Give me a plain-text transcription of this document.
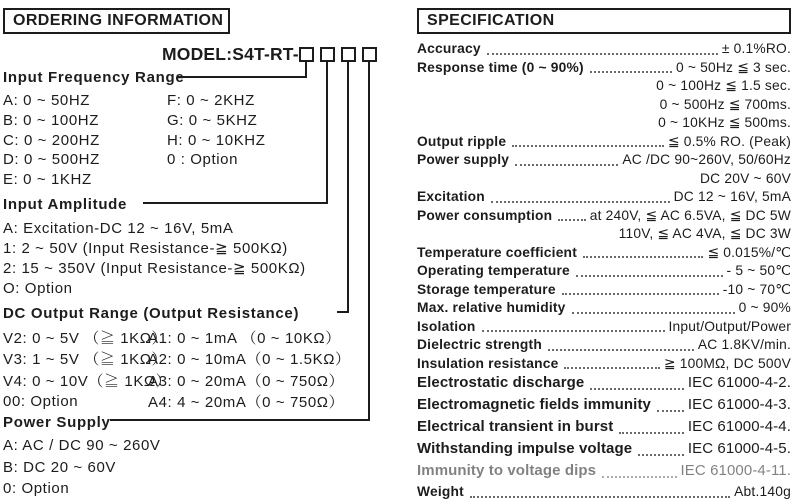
ORDERING INFORMATION
MODEL:S4T-RT-
Input Frequency Range
A: 0 ~ 50HZ	F: 0 ~ 2KHZ
B: 0 ~ 100HZ	G: 0 ~ 5KHZ
C: 0 ~ 200HZ	H: 0 ~ 10KHZ
D: 0 ~ 500HZ	0 : Option
E: 0 ~ 1KHZ
Input Amplitude
A: Excitation-DC 12 ~ 16V, 5mA
1: 2 ~ 50V (Input Resistance-≧ 500KΩ)
2: 15 ~ 350V (Input Resistance-≧ 500KΩ)
O: Option
DC Output Range (Output Resistance)
V2: 0 ~ 5V （≧ 1KΩ）
A1: 0 ~ 1mA （0 ~ 10KΩ）
V3: 1 ~ 5V （≧ 1KΩ）
A2: 0 ~ 10mA（0 ~ 1.5KΩ）
V4: 0 ~ 10V（≧ 1KΩ）
A3: 0 ~ 20mA（0 ~ 750Ω）
00: Option	A4: 4 ~ 20mA（0 ~ 750Ω）
Power Supply
A: AC / DC 90 ~ 260V
B: DC 20 ~ 60V
0: Option
SPECIFICATION
Accuracy	± 0.1%RO.
Response time (0 ~ 90%)	0 ~ 50Hz ≦ 3 sec.
0 ~ 100Hz ≦ 1.5 sec.
0 ~ 500Hz ≦ 700ms.
0 ~ 10KHz ≦ 500ms.
Output ripple	≦ 0.5% RO. (Peak)
Power supply	AC /DC 90~260V, 50/60Hz
DC 20V ~ 60V
Excitation	DC 12 ~ 16V, 5mA
Power consumption	at 240V, ≦ AC 6.5VA, ≦ DC 5W
110V, ≦ AC 4VA, ≦ DC 3W
Temperature coefficient	≦ 0.015%/℃
Operating temperature	- 5 ~ 50℃
Storage temperature	-10 ~ 70℃
Max. relative humidity	0 ~ 90%
Isolation	Input/Output/Power
Dielectric strength	AC 1.8KV/min.
Insulation resistance	≧ 100MΩ, DC 500V
Electrostatic discharge	IEC 61000-4-2.
Electromagnetic fields immunity IEC 61000-4-3.
Electrical transient in burst	IEC 61000-4-4.
Withstanding impulse voltage	IEC 61000-4-5.
Immunity to voltage dips	IEC 61000-4-11.
Weight	Abt.140g
